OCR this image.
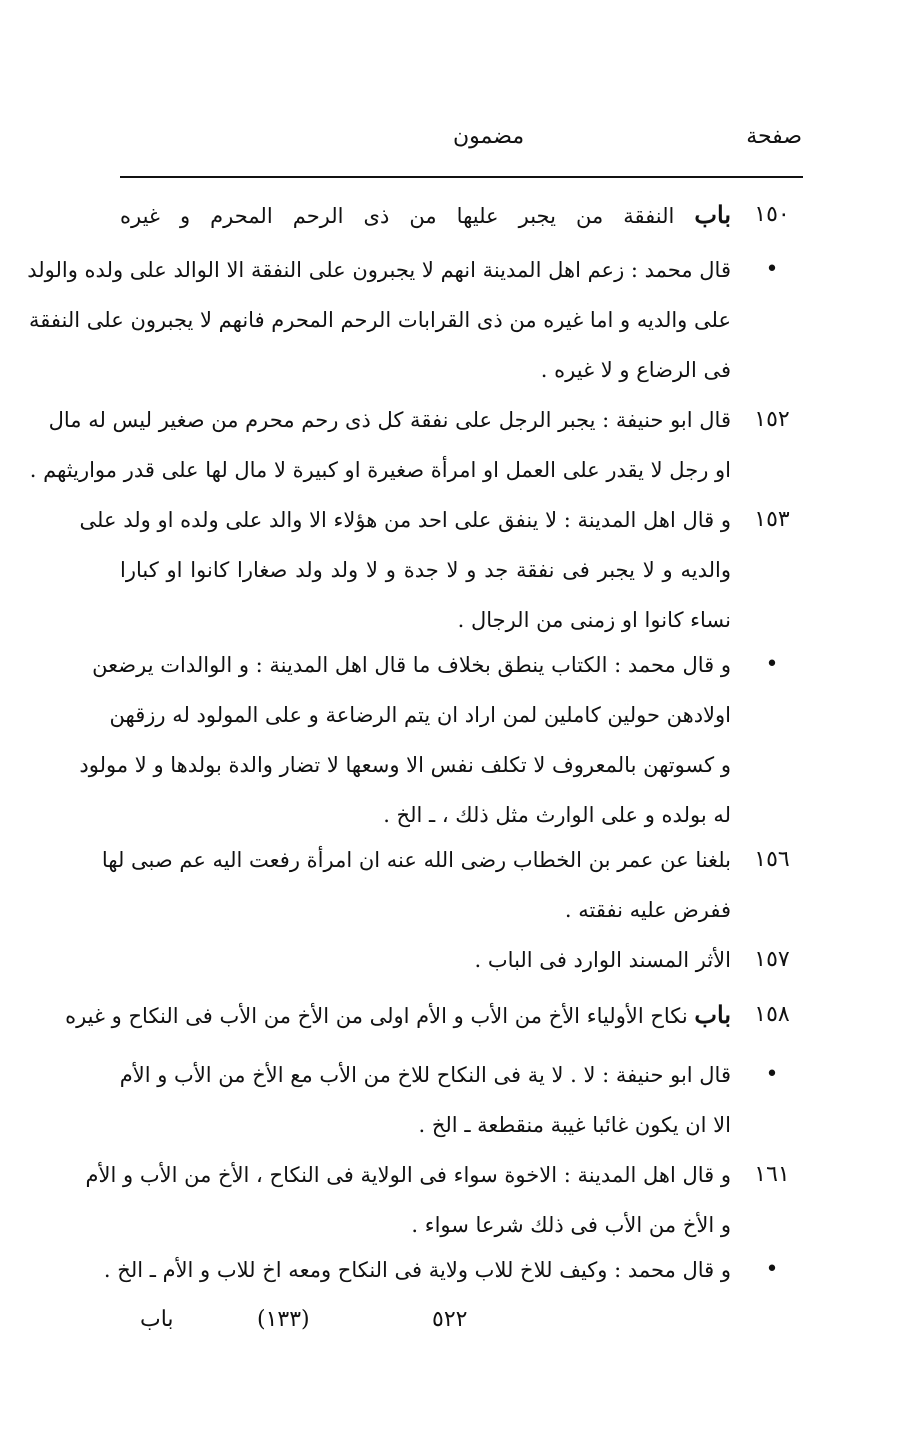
صفحة
مضمون
١٥٠
باب النفقة من يجبر عليها من ذى الرحم المحرم و غيره
•
قال محمد : زعم اهل المدينة انهم لا يجبرون على النفقة الا الوالد على ولده والولد
على والديه و اما غيره من ذى القرابات الرحم المحرم فانهم لا يجبرون على النفقة
فى الرضاع و لا غيره .
١٥٢
قال ابو حنيفة : يجبر الرجل على نفقة كل ذى رحم محرم من صغير ليس له مال
او رجل لا يقدر على العمل او امرأة صغيرة او كبيرة لا مال لها على قدر مواريثهم .
١٥٣
و قال اهل المدينة : لا ينفق على احد من هؤلاء الا والد على ولده او ولد على
والديه و لا يجبر فى نفقة جد و لا جدة و لا ولد ولد صغارا كانوا او كبارا
نساء كانوا او زمنى من الرجال .
•
و قال محمد : الكتاب ينطق بخلاف ما قال اهل المدينة : و الوالدات يرضعن
اولادهن حولين كاملين لمن اراد ان يتم الرضاعة و على المولود له رزقهن
و كسوتهن بالمعروف لا تكلف نفس الا وسعها لا تضار والدة بولدها و لا مولود
له بولده و على الوارث مثل ذلك ، ـ الخ .
١٥٦
بلغنا عن عمر بن الخطاب رضى الله عنه ان امرأة رفعت اليه عم صبى لها
ففرض عليه نفقته .
١٥٧
الأثر المسند الوارد فى الباب .
١٥٨
باب نكاح الأولياء الأخ من الأب و الأم اولى من الأخ من الأب فى النكاح و غيره
•
قال ابو حنيفة : لا . لا ية فى النكاح للاخ من الأب مع الأخ من الأب و الأم
الا ان يكون غائبا غيبة منقطعة ـ الخ .
١٦١
و قال اهل المدينة : الاخوة سواء فى الولاية فى النكاح ، الأخ من الأب و الأم
و الأخ من الأب فى ذلك شرعا سواء .
•
و قال محمد : وكيف للاخ للاب ولاية فى النكاح ومعه اخ للاب و الأم ـ الخ .
باب	(١٣٣)	٥٢٢
